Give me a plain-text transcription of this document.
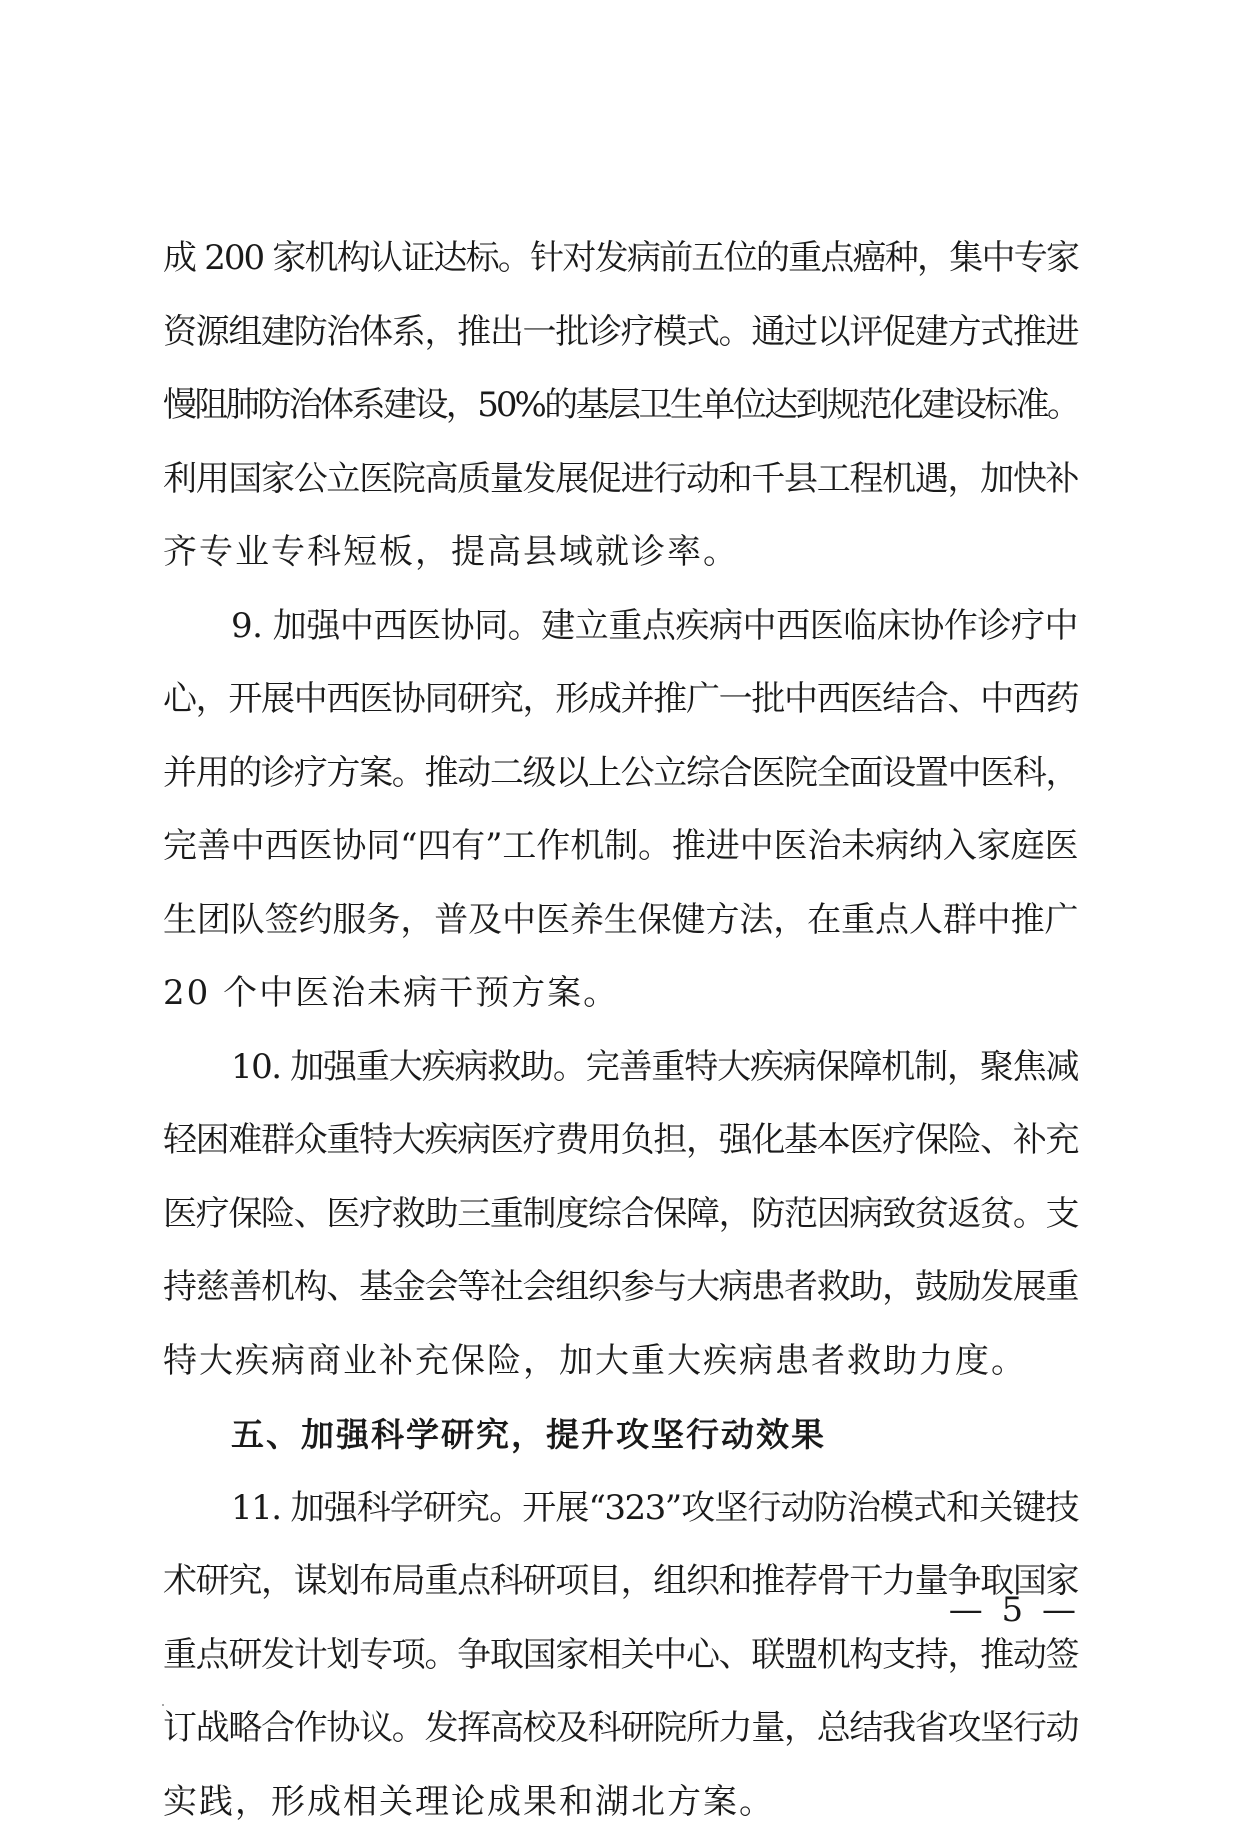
成 200 家机构认证达标。针对发病前五位的重点癌种，集中专家
资源组建防治体系，推出一批诊疗模式。通过以评促建方式推进
慢阻肺防治体系建设，50%的基层卫生单位达到规范化建设标准。
利用国家公立医院高质量发展促进行动和千县工程机遇，加快补
齐专业专科短板，提高县域就诊率。
9. 加强中西医协同。建立重点疾病中西医临床协作诊疗中
心，开展中西医协同研究，形成并推广一批中西医结合、中西药
并用的诊疗方案。推动二级以上公立综合医院全面设置中医科，
完善中西医协同“四有”工作机制。推进中医治未病纳入家庭医
生团队签约服务，普及中医养生保健方法，在重点人群中推广
20 个中医治未病干预方案。
10. 加强重大疾病救助。完善重特大疾病保障机制，聚焦减
轻困难群众重特大疾病医疗费用负担，强化基本医疗保险、补充
医疗保险、医疗救助三重制度综合保障，防范因病致贫返贫。支
持慈善机构、基金会等社会组织参与大病患者救助，鼓励发展重
特大疾病商业补充保险，加大重大疾病患者救助力度。
五、加强科学研究，提升攻坚行动效果
11. 加强科学研究。开展“323”攻坚行动防治模式和关键技
术研究，谋划布局重点科研项目，组织和推荐骨干力量争取国家
重点研发计划专项。争取国家相关中心、联盟机构支持，推动签
订战略合作协议。发挥高校及科研院所力量，总结我省攻坚行动
实践，形成相关理论成果和湖北方案。
— 5 —
